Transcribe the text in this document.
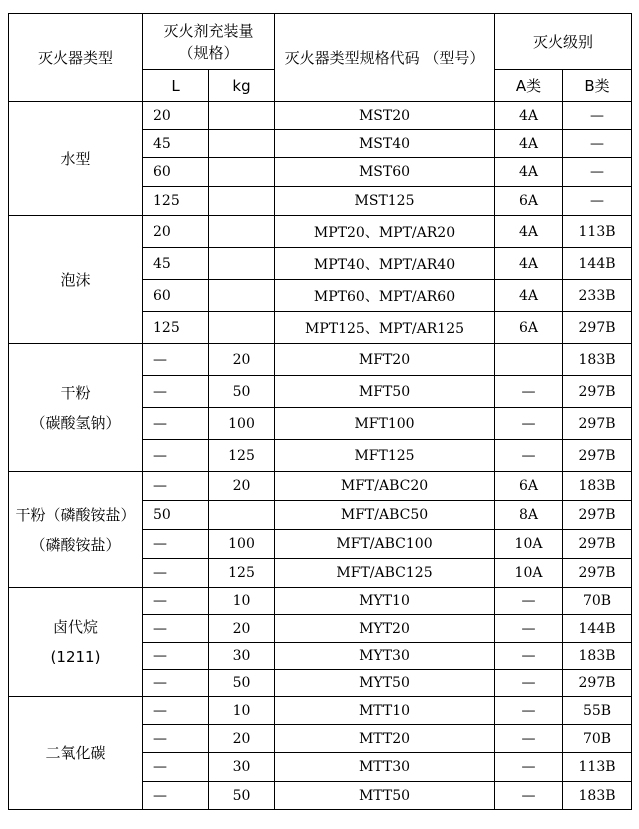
灭火器类型	灭火剂充装量
（规格）		灭火器类型规格代码 （型号）	灭火级别	
	L	kg		A类	B类

水型	20		MST20	4A	—
	45		MST40	4A	—
	60		MST60	4A	—
	125		MST125	6A	—

泡沫	20		MPT20、MPT/AR20	4A	113B
	45		MPT40、MPT/AR40	4A	144B
	60		MPT60、MPT/AR60	4A	233B
	125		MPT125、MPT/AR125	6A	297B

干粉
（碳酸氢钠）	—	20	MFT20		183B
	—	50	MFT50	—	297B
	—	100	MFT100	—	297B
	—	125	MFT125	—	297B

干粉（磷酸铵盐）
（磷酸铵盐）	—	20	MFT/ABC20	6A	183B
	50		MFT/ABC50	8A	297B
	—	100	MFT/ABC100	10A	297B
	—	125	MFT/ABC125	10A	297B

卤代烷
(1211)	—	10	MYT10	—	70B
	—	20	MYT20	—	144B
	—	30	MYT30	—	183B
	—	50	MYT50	—	297B

二氧化碳	—	10	MTT10	—	55B
	—	20	MTT20	—	70B
	—	30	MTT30	—	113B
	—	50	MTT50	—	183B
